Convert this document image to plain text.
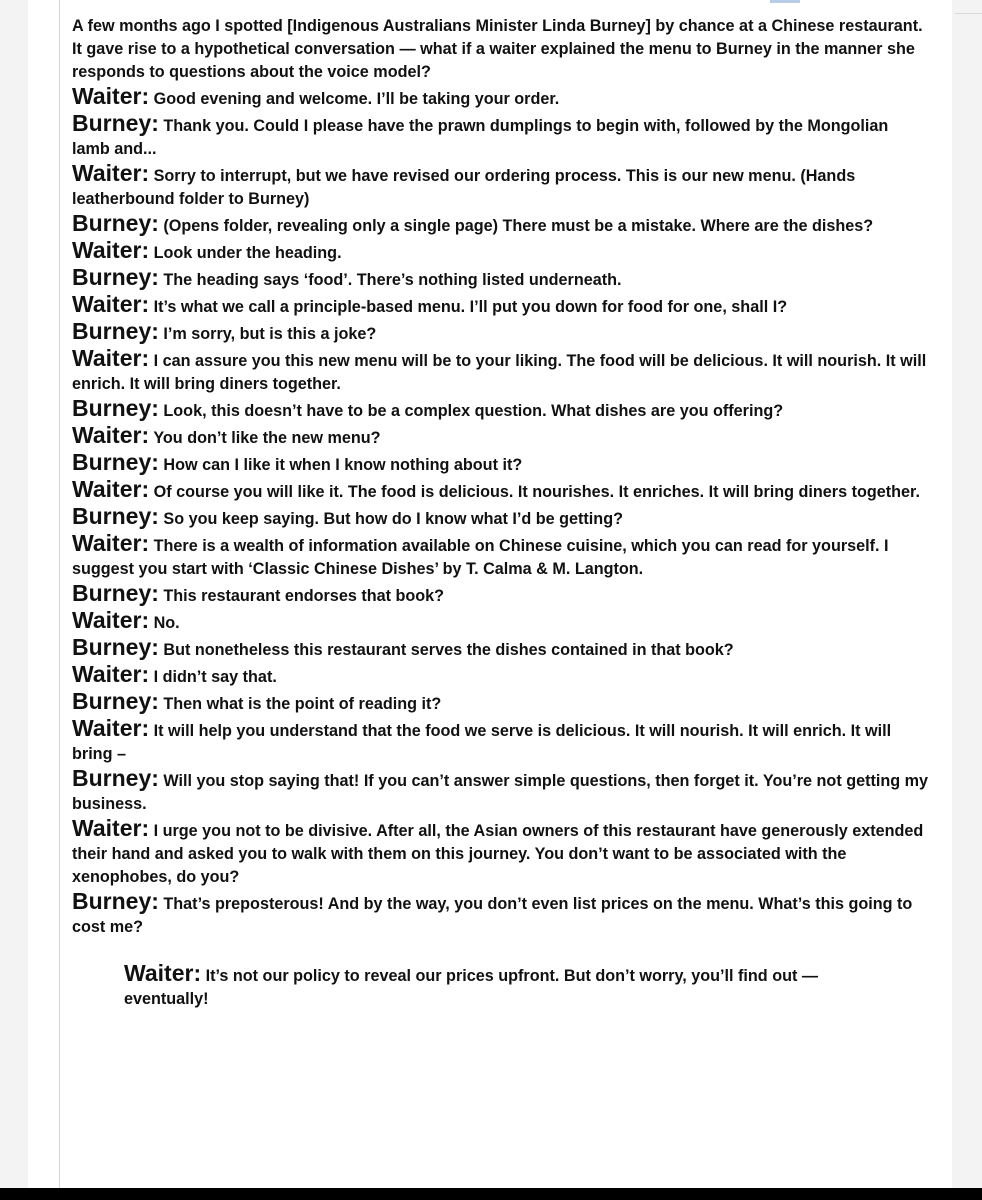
A few months ago I spotted [Indigenous Australians Minister Linda Burney] by chance at a Chinese restaurant. It gave rise to a hypothetical conversation — what if a waiter explained the menu to Burney in the manner she responds to questions about the voice model?

Waiter: Good evening and welcome. I’ll be taking your order.

Burney: Thank you. Could I please have the prawn dumplings to begin with, followed by the Mongolian lamb and...

Waiter: Sorry to interrupt, but we have revised our ordering process. This is our new menu. (Hands leatherbound folder to Burney)

Burney: (Opens folder, revealing only a single page) There must be a mistake. Where are the dishes?

Waiter: Look under the heading.

Burney: The heading says ‘food’. There’s nothing listed underneath.

Waiter: It’s what we call a principle-based menu. I’ll put you down for food for one, shall I?

Burney: I’m sorry, but is this a joke?

Waiter: I can assure you this new menu will be to your liking. The food will be delicious. It will nourish. It will enrich. It will bring diners together.

Burney: Look, this doesn’t have to be a complex question. What dishes are you offering?

Waiter: You don’t like the new menu?

Burney: How can I like it when I know nothing about it?

Waiter: Of course you will like it. The food is delicious. It nourishes. It enriches. It will bring diners together.

Burney: So you keep saying. But how do I know what I’d be getting?

Waiter: There is a wealth of information available on Chinese cuisine, which you can read for yourself. I suggest you start with ‘Classic Chinese Dishes’ by T. Calma & M. Langton.

Burney: This restaurant endorses that book?

Waiter: No.

Burney: But nonetheless this restaurant serves the dishes contained in that book?

Waiter: I didn’t say that.

Burney: Then what is the point of reading it?

Waiter: It will help you understand that the food we serve is delicious. It will nourish. It will enrich. It will bring –

Burney: Will you stop saying that! If you can’t answer simple questions, then forget it. You’re not getting my business.

Waiter: I urge you not to be divisive. After all, the Asian owners of this restaurant have generously extended their hand and asked you to walk with them on this journey. You don’t want to be associated with the xenophobes, do you?

Burney: That’s preposterous! And by the way, you don’t even list prices on the menu. What’s this going to cost me?

Waiter: It’s not our policy to reveal our prices upfront. But don’t worry, you’ll find out — eventually!
